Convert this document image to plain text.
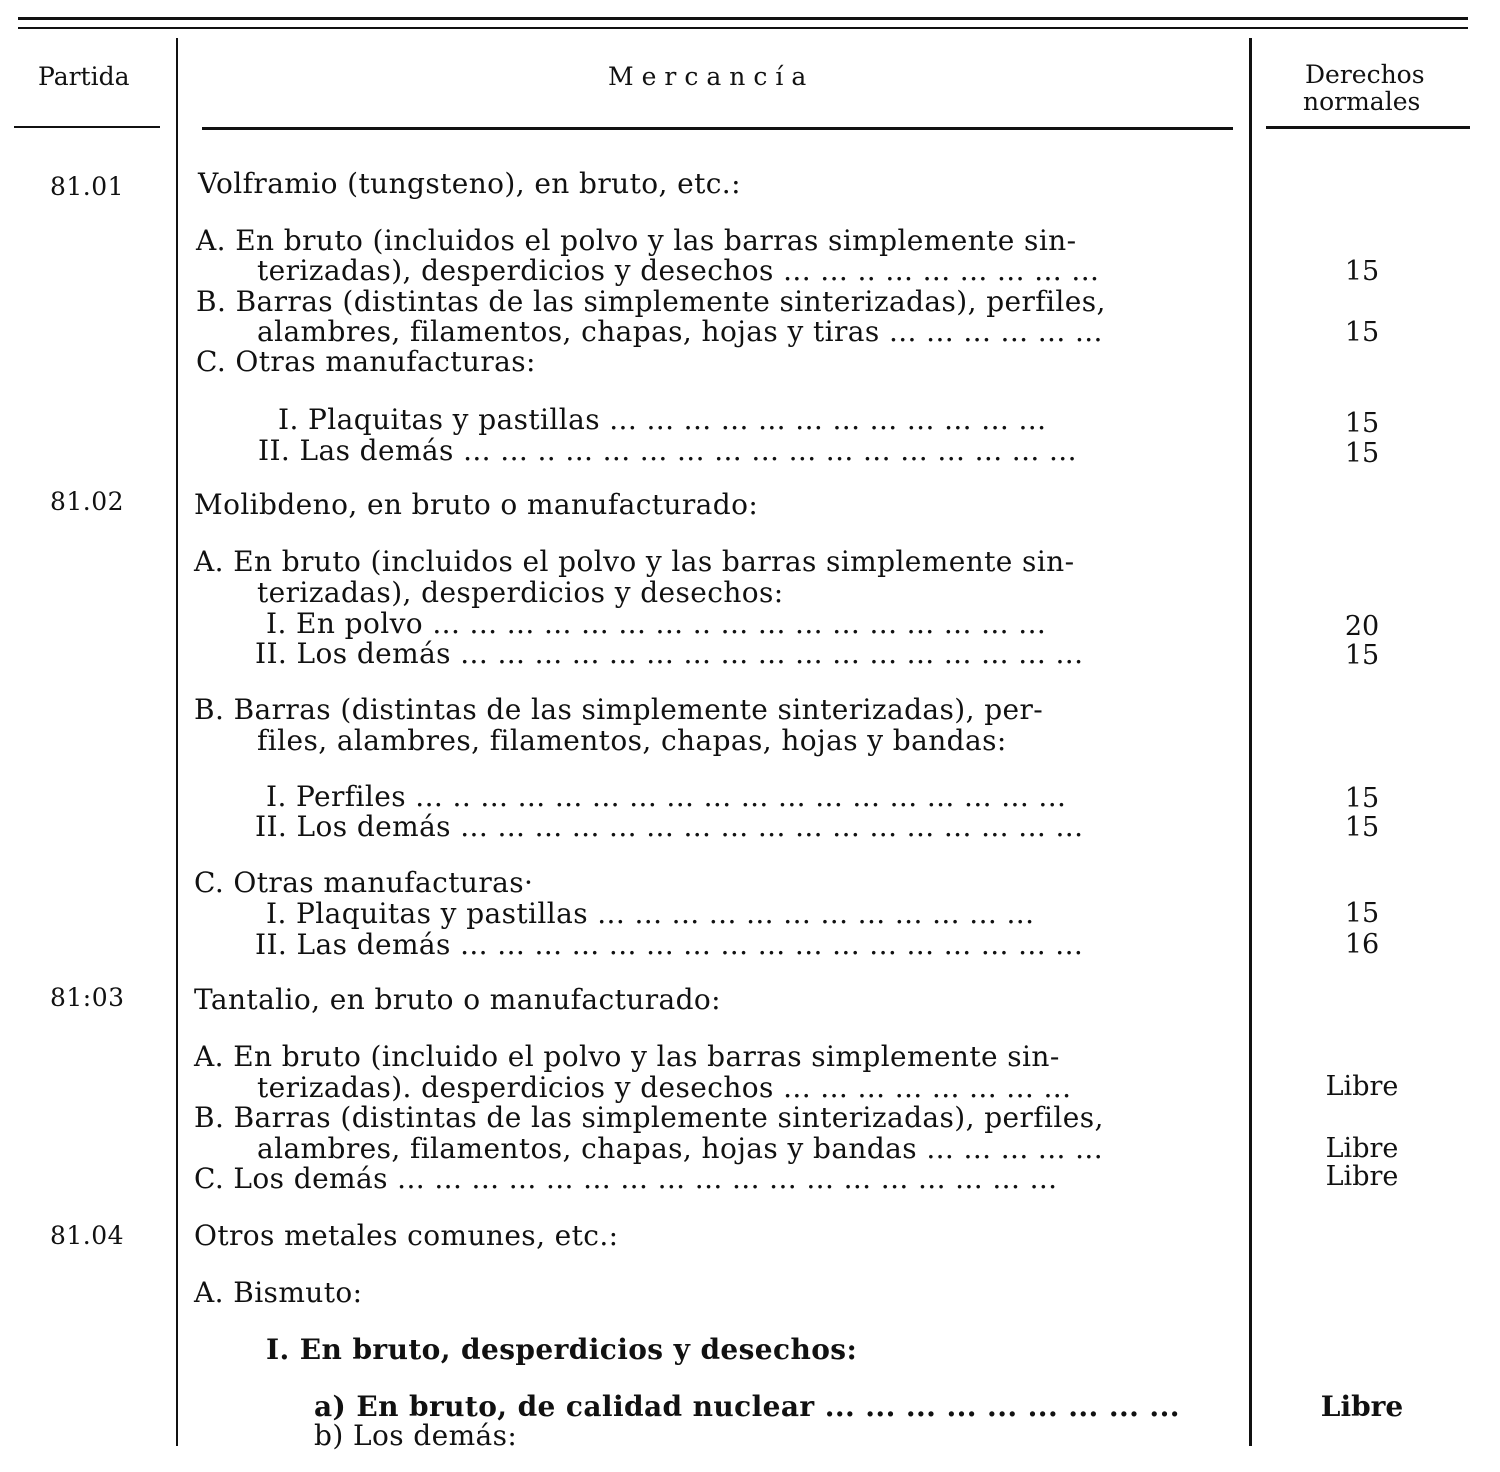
Partida	Mercancía	Derechos
normales
81.01	Volframio (tungsteno), en bruto, etc.:
A. En bruto (incluidos el polvo y las barras simplemente sin-
terizadas), desperdicios y desechos ... ... .. ... ... ... ... ... ...	15
B. Barras (distintas de las simplemente sinterizadas), perfiles,
alambres, filamentos, chapas, hojas y tiras ... ... ... ... ... ...	15
C. Otras manufacturas:
I. Plaquitas y pastillas ... ... ... ... ... ... ... ... ... ... ... ...	15
II. Las demás ... ... .. ... ... ... ... ... ... ... ... ... ... ... ... ... ...	15
81.02 Molibdeno, en bruto o manufacturado:
A. En bruto (incluidos el polvo y las barras simplemente sin-
terizadas), desperdicios y desechos:
I. En polvo ... ... ... ... ... ... ... .. ... ... ... ... ... ... ... ... ...	20
II. Los demás ... ... ... ... ... ... ... ... ... ... ... ... ... ... ... ... ...	15
B. Barras (distintas de las simplemente sinterizadas), per-
files, alambres, filamentos, chapas, hojas y bandas:
I. Perfiles ... .. ... ... ... ... ... ... ... ... ... ... ... ... ... ... ... ...	15
II. Los demás ... ... ... ... ... ... ... ... ... ... ... ... ... ... ... ... ...	15
C. Otras manufacturas·
I. Plaquitas y pastillas ... ... ... ... ... ... ... ... ... ... ... ...	15
II. Las demás ... ... ... ... ... ... ... ... ... ... ... ... ... ... ... ... ...	16
81:03 Tantalio, en bruto o manufacturado:
A. En bruto (incluido el polvo y las barras simplemente sin-
terizadas). desperdicios y desechos ... ... ... ... ... ... ... ...	Libre
B. Barras (distintas de las simplemente sinterizadas), perfiles,
alambres, filamentos, chapas, hojas y bandas ... ... ... ... ...	Libre
C. Los demás ... ... ... ... ... ... ... ... ... ... ... ... ... ... ... ... ... ...	Libre
81.04 Otros metales comunes, etc.:
A. Bismuto:
I. En bruto, desperdicios y desechos:
a) En bruto, de calidad nuclear ... ... ... ... ... ... ... ... ...	Libre
b) Los demás:
